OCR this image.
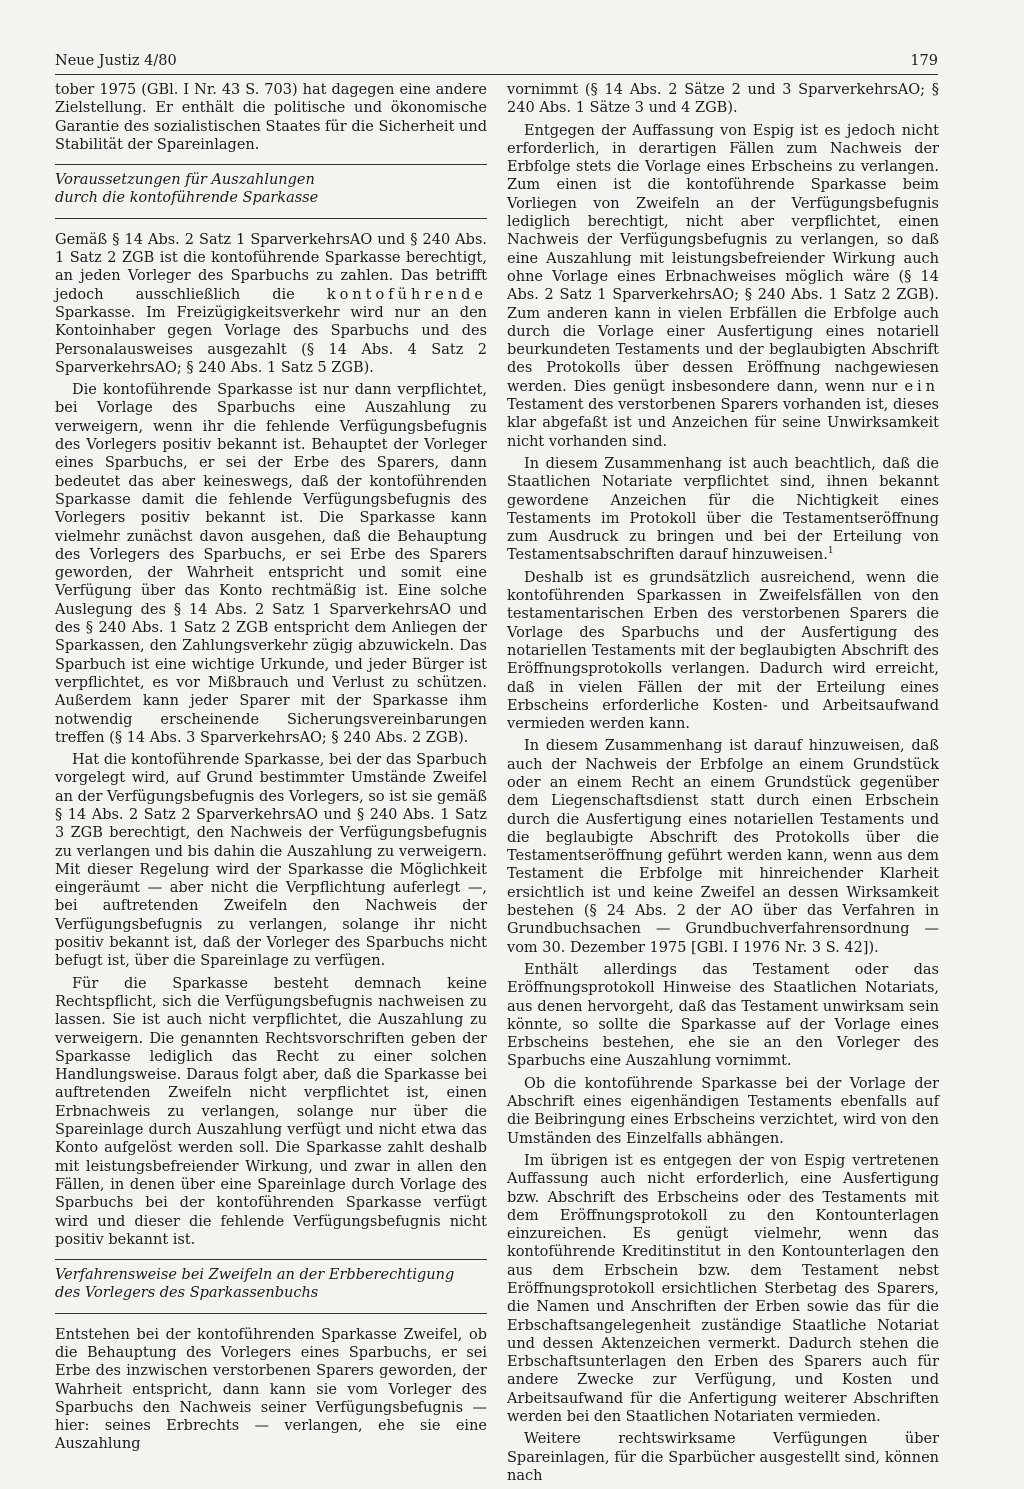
Neue Justiz 4/80	179

tober 1975 (GBl. I Nr. 43 S. 703) hat dagegen eine andere Zielstellung. Er enthält die politische und ökonomische Garantie des sozialistischen Staates für die Sicherheit und Stabilität der Spareinlagen.

Voraussetzungen für Auszahlungen
durch die kontoführende Sparkasse

Gemäß § 14 Abs. 2 Satz 1 SparverkehrsAO und § 240 Abs. 1 Satz 2 ZGB ist die kontoführende Sparkasse berechtigt, an jeden Vorleger des Sparbuchs zu zahlen. Das betrifft jedoch ausschließlich die kontoführende Sparkasse. Im Freizügigkeitsverkehr wird nur an den Kontoinhaber gegen Vorlage des Sparbuchs und des Personalausweises ausgezahlt (§ 14 Abs. 4 Satz 2 SparverkehrsAO; § 240 Abs. 1 Satz 5 ZGB).

Die kontoführende Sparkasse ist nur dann verpflichtet, bei Vorlage des Sparbuchs eine Auszahlung zu verweigern, wenn ihr die fehlende Verfügungsbefugnis des Vorlegers positiv bekannt ist. Behauptet der Vorleger eines Sparbuchs, er sei der Erbe des Sparers, dann bedeutet das aber keineswegs, daß der kontoführenden Sparkasse damit die fehlende Verfügungsbefugnis des Vorlegers positiv bekannt ist. Die Sparkasse kann vielmehr zunächst davon ausgehen, daß die Behauptung des Vorlegers des Sparbuchs, er sei Erbe des Sparers geworden, der Wahrheit entspricht und somit eine Verfügung über das Konto rechtmäßig ist. Eine solche Auslegung des § 14 Abs. 2 Satz 1 SparverkehrsAO und des § 240 Abs. 1 Satz 2 ZGB entspricht dem Anliegen der Sparkassen, den Zahlungsverkehr zügig abzuwickeln. Das Sparbuch ist eine wichtige Urkunde, und jeder Bürger ist verpflichtet, es vor Mißbrauch und Verlust zu schützen. Außerdem kann jeder Sparer mit der Sparkasse ihm notwendig erscheinende Sicherungsvereinbarungen treffen (§ 14 Abs. 3 SparverkehrsAO; § 240 Abs. 2 ZGB).

Hat die kontoführende Sparkasse, bei der das Sparbuch vorgelegt wird, auf Grund bestimmter Umstände Zweifel an der Verfügungsbefugnis des Vorlegers, so ist sie gemäß § 14 Abs. 2 Satz 2 SparverkehrsAO und § 240 Abs. 1 Satz 3 ZGB berechtigt, den Nachweis der Verfügungsbefugnis zu verlangen und bis dahin die Auszahlung zu verweigern. Mit dieser Regelung wird der Sparkasse die Möglichkeit eingeräumt — aber nicht die Verpflichtung auferlegt —, bei auftretenden Zweifeln den Nachweis der Verfügungsbefugnis zu verlangen, solange ihr nicht positiv bekannt ist, daß der Vorleger des Sparbuchs nicht befugt ist, über die Spareinlage zu verfügen.

Für die Sparkasse besteht demnach keine Rechtspflicht, sich die Verfügungsbefugnis nachweisen zu lassen. Sie ist auch nicht verpflichtet, die Auszahlung zu verweigern. Die genannten Rechtsvorschriften geben der Sparkasse lediglich das Recht zu einer solchen Handlungsweise. Daraus folgt aber, daß die Sparkasse bei auftretenden Zweifeln nicht verpflichtet ist, einen Erbnachweis zu verlangen, solange nur über die Spareinlage durch Auszahlung verfügt und nicht etwa das Konto aufgelöst werden soll. Die Sparkasse zahlt deshalb mit leistungsbefreiender Wirkung, und zwar in allen den Fällen, in denen über eine Spareinlage durch Vorlage des Sparbuchs bei der kontoführenden Sparkasse verfügt wird und dieser die fehlende Verfügungsbefugnis nicht positiv bekannt ist.

Verfahrensweise bei Zweifeln an der Erbberechtigung
des Vorlegers des Sparkassenbuchs

Entstehen bei der kontoführenden Sparkasse Zweifel, ob die Behauptung des Vorlegers eines Sparbuchs, er sei Erbe des inzwischen verstorbenen Sparers geworden, der Wahrheit entspricht, dann kann sie vom Vorleger des Sparbuchs den Nachweis seiner Verfügungsbefugnis — hier: seines Erbrechts — verlangen, ehe sie eine Auszahlung

vornimmt (§ 14 Abs. 2 Sätze 2 und 3 SparverkehrsAO; § 240 Abs. 1 Sätze 3 und 4 ZGB).

Entgegen der Auffassung von Espig ist es jedoch nicht erforderlich, in derartigen Fällen zum Nachweis der Erbfolge stets die Vorlage eines Erbscheins zu verlangen. Zum einen ist die kontoführende Sparkasse beim Vorliegen von Zweifeln an der Verfügungsbefugnis lediglich berechtigt, nicht aber verpflichtet, einen Nachweis der Verfügungsbefugnis zu verlangen, so daß eine Auszahlung mit leistungsbefreiender Wirkung auch ohne Vorlage eines Erbnachweises möglich wäre (§ 14 Abs. 2 Satz 1 SparverkehrsAO; § 240 Abs. 1 Satz 2 ZGB). Zum anderen kann in vielen Erbfällen die Erbfolge auch durch die Vorlage einer Ausfertigung eines notariell beurkundeten Testaments und der beglaubigten Abschrift des Protokolls über dessen Eröffnung nachgewiesen werden. Dies genügt insbesondere dann, wenn nur ein Testament des verstorbenen Sparers vorhanden ist, dieses klar abgefaßt ist und Anzeichen für seine Unwirksamkeit nicht vorhanden sind.

In diesem Zusammenhang ist auch beachtlich, daß die Staatlichen Notariate verpflichtet sind, ihnen bekannt gewordene Anzeichen für die Nichtigkeit eines Testaments im Protokoll über die Testamentseröffnung zum Ausdruck zu bringen und bei der Erteilung von Testamentsabschriften darauf hinzuweisen.$^1$

Deshalb ist es grundsätzlich ausreichend, wenn die kontoführenden Sparkassen in Zweifelsfällen von den testamentarischen Erben des verstorbenen Sparers die Vorlage des Sparbuchs und der Ausfertigung des notariellen Testaments mit der beglaubigten Abschrift des Eröffnungsprotokolls verlangen. Dadurch wird erreicht, daß in vielen Fällen der mit der Erteilung eines Erbscheins erforderliche Kosten- und Arbeitsaufwand vermieden werden kann.

In diesem Zusammenhang ist darauf hinzuweisen, daß auch der Nachweis der Erbfolge an einem Grundstück oder an einem Recht an einem Grundstück gegenüber dem Liegenschaftsdienst statt durch einen Erbschein durch die Ausfertigung eines notariellen Testaments und die beglaubigte Abschrift des Protokolls über die Testamentseröffnung geführt werden kann, wenn aus dem Testament die Erbfolge mit hinreichender Klarheit ersichtlich ist und keine Zweifel an dessen Wirksamkeit bestehen (§ 24 Abs. 2 der AO über das Verfahren in Grundbuchsachen — Grundbuchverfahrensordnung — vom 30. Dezember 1975 [GBl. I 1976 Nr. 3 S. 42]).

Enthält allerdings das Testament oder das Eröffnungsprotokoll Hinweise des Staatlichen Notariats, aus denen hervorgeht, daß das Testament unwirksam sein könnte, so sollte die Sparkasse auf der Vorlage eines Erbscheins bestehen, ehe sie an den Vorleger des Sparbuchs eine Auszahlung vornimmt.

Ob die kontoführende Sparkasse bei der Vorlage der Abschrift eines eigenhändigen Testaments ebenfalls auf die Beibringung eines Erbscheins verzichtet, wird von den Umständen des Einzelfalls abhängen.

Im übrigen ist es entgegen der von Espig vertretenen Auffassung auch nicht erforderlich, eine Ausfertigung bzw. Abschrift des Erbscheins oder des Testaments mit dem Eröffnungsprotokoll zu den Kontounterlagen einzureichen. Es genügt vielmehr, wenn das kontoführende Kreditinstitut in den Kontounterlagen den aus dem Erbschein bzw. dem Testament nebst Eröffnungsprotokoll ersichtlichen Sterbetag des Sparers, die Namen und Anschriften der Erben sowie das für die Erbschaftsangelegenheit zuständige Staatliche Notariat und dessen Aktenzeichen vermerkt. Dadurch stehen die Erbschaftsunterlagen den Erben des Sparers auch für andere Zwecke zur Verfügung, und Kosten und Arbeitsaufwand für die Anfertigung weiterer Abschriften werden bei den Staatlichen Notariaten vermieden.

Weitere rechtswirksame Verfügungen über Spareinlagen, für die Sparbücher ausgestellt sind, können nach
